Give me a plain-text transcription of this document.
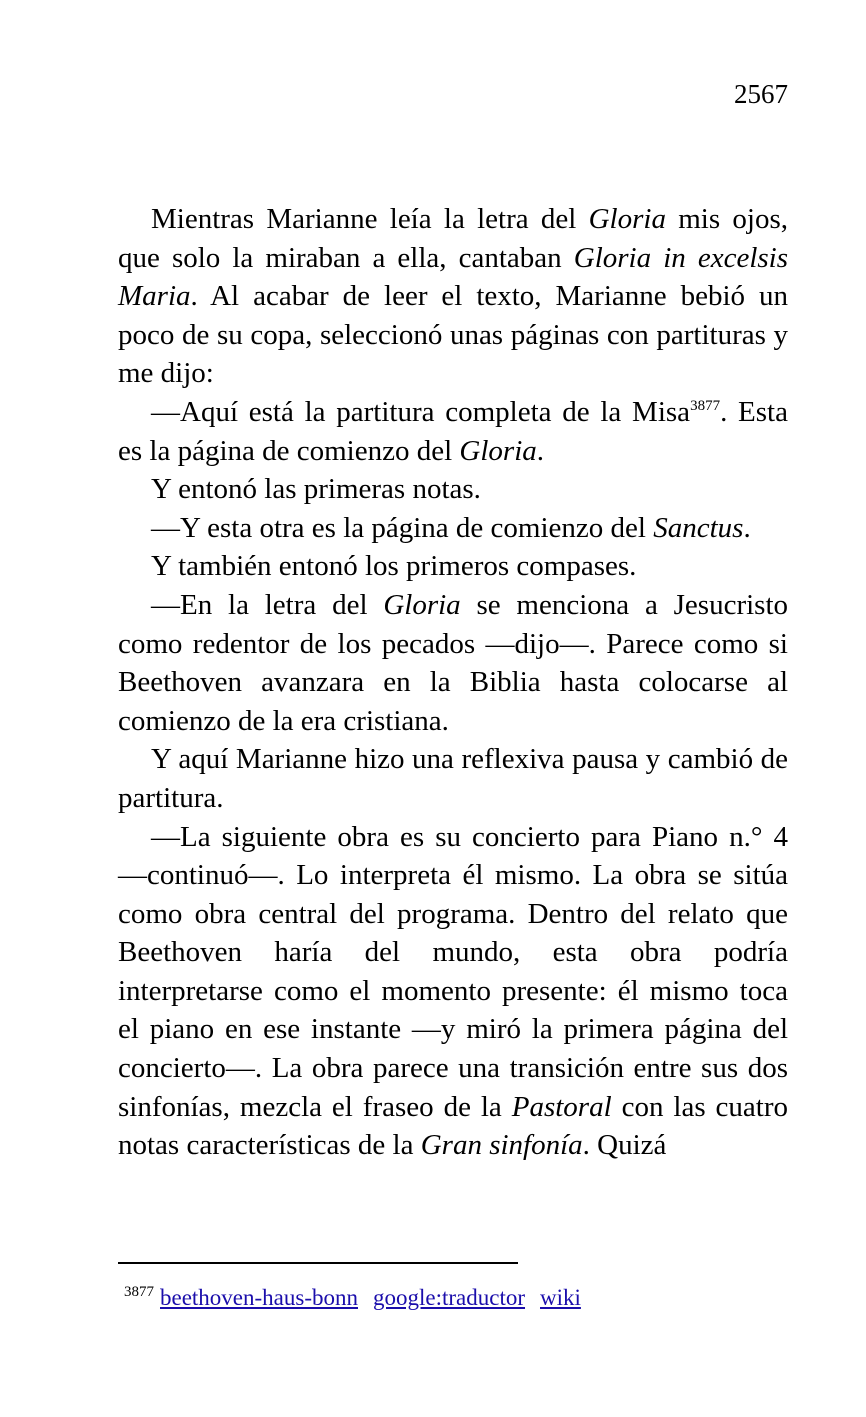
2567

Mientras Marianne leía la letra del Gloria mis ojos, que solo la miraban a ella, cantaban Gloria in excelsis Maria. Al acabar de leer el texto, Marianne bebió un poco de su copa, seleccionó unas páginas con partituras y me dijo:

—Aquí está la partitura completa de la Misa$^{3877}$. Esta es la página de comienzo del Gloria.

Y entonó las primeras notas.

—Y esta otra es la página de comienzo del Sanctus.

Y también entonó los primeros compases.

—En la letra del Gloria se menciona a Jesucristo como redentor de los pecados —dijo—. Parece como si Beethoven avanzara en la Biblia hasta colocarse al comienzo de la era cristiana.

Y aquí Marianne hizo una reflexiva pausa y cambió de partitura.

—La siguiente obra es su concierto para Piano n.° 4 —continuó—. Lo interpreta él mismo. La obra se sitúa como obra central del programa. Dentro del relato que Beethoven haría del mundo, esta obra podría interpretarse como el momento presente: él mismo toca el piano en ese instante —y miró la primera página del concierto—. La obra parece una transición entre sus dos sinfonías, mezcla el fraseo de la Pastoral con las cuatro notas características de la Gran sinfonía. Quizá

$^{3877}$ beethoven-haus-bonn google:traductor wiki
